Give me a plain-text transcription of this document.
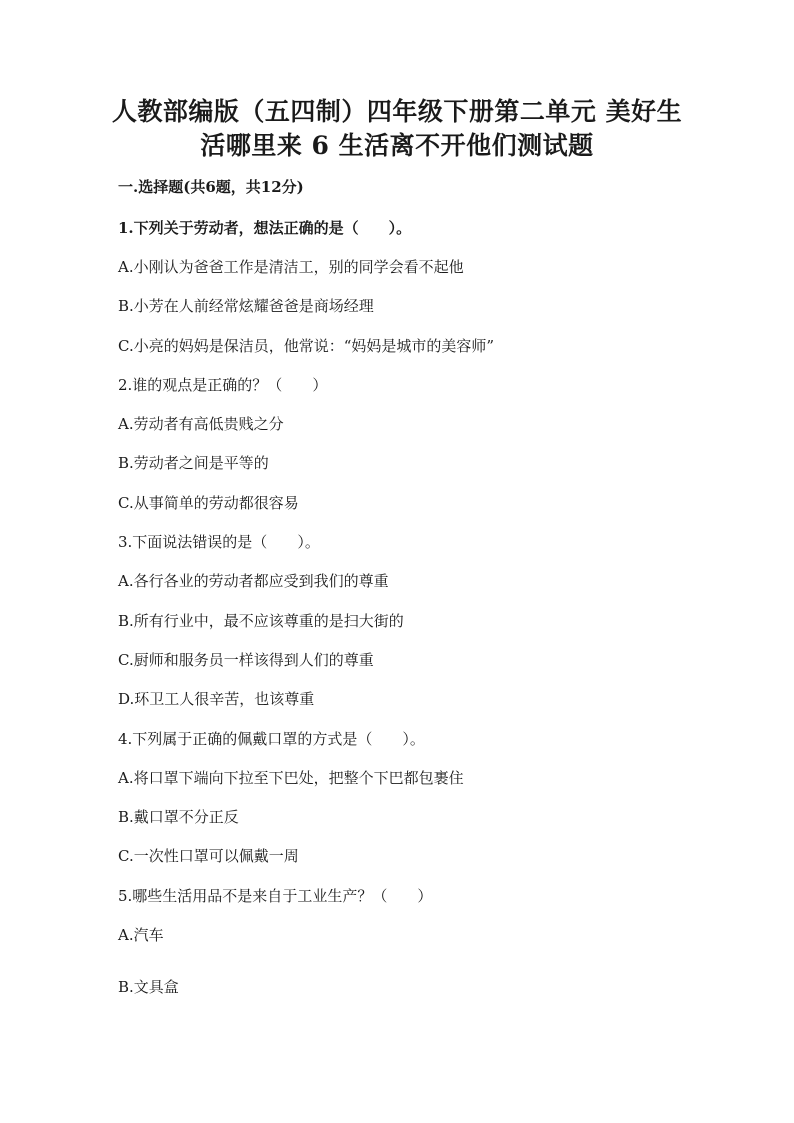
人教部编版（五四制）四年级下册第二单元 美好生
活哪里来 6 生活离不开他们测试题
一.选择题(共6题，共12分)
1.下列关于劳动者，想法正确的是（　　）。
A.小刚认为爸爸工作是清洁工，别的同学会看不起他
B.小芳在人前经常炫耀爸爸是商场经理
C.小亮的妈妈是保洁员，他常说：“妈妈是城市的美容师”
2.谁的观点是正确的？（　　）
A.劳动者有高低贵贱之分
B.劳动者之间是平等的
C.从事简单的劳动都很容易
3.下面说法错误的是（　　）。
A.各行各业的劳动者都应受到我们的尊重
B.所有行业中，最不应该尊重的是扫大街的
C.厨师和服务员一样该得到人们的尊重
D.环卫工人很辛苦，也该尊重
4.下列属于正确的佩戴口罩的方式是（　　）。
A.将口罩下端向下拉至下巴处，把整个下巴都包裹住
B.戴口罩不分正反
C.一次性口罩可以佩戴一周
5.哪些生活用品不是来自于工业生产？（　　）
A.汽车
B.文具盒
